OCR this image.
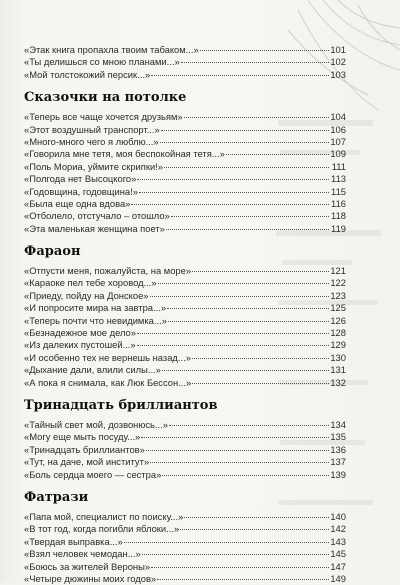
«Этак книга пропахла твоим табаком...»	101
«Ты делишься со мною планами...»	102
«Мой толстокожий персик...»	103
Сказочки на потолке
«Теперь все чаще хочется друзьям»	104
«Этот воздушный транспорт...»	106
«Много-много чего я люблю...»	107
«Говорила мне тетя, моя беспокойная тетя...»	109
«Поль Мориа, уймите скрипки!»	111
«Полгода нет Высоцкого»	113
«Годовщина, годовщина!»	115
«Была еще одна вдова»	116
«Отболело, отстучало – отошло»	118
«Эта маленькая женщина поет»	119
Фараон
«Отпусти меня, пожалуйста, на море»	121
«Караоке пел тебе хоровод...»	122
«Приеду, пойду на Донское»	123
«И попросите мира на завтра...»	125
«Теперь почти что невидимка...»	126
«Безнадежное мое дело»	128
«Из далеких пустошей...»	129
«И особенно тех не вернешь назад...»	130
«Дыхание дали, влили силы...»	131
«А пока я снимала, как Люк Бессон...»	132
Тринадцать бриллиантов
«Тайный свет мой, дозвонюсь...»	134
«Могу еще мыть посуду...»	135
«Тринадцать бриллиантов»	136
«Тут, на даче, мой институт»	137
«Боль сердца моего — сестра»	139
Фатрази
«Папа мой, специалист по поиску...»	140
«В тот год, когда погибли яблоки...»	142
«Твердая выправка...»	143
«Взял человек чемодан...»	145
«Боюсь за жителей Вероны»	147
«Четыре дюжины моих годов»	149
